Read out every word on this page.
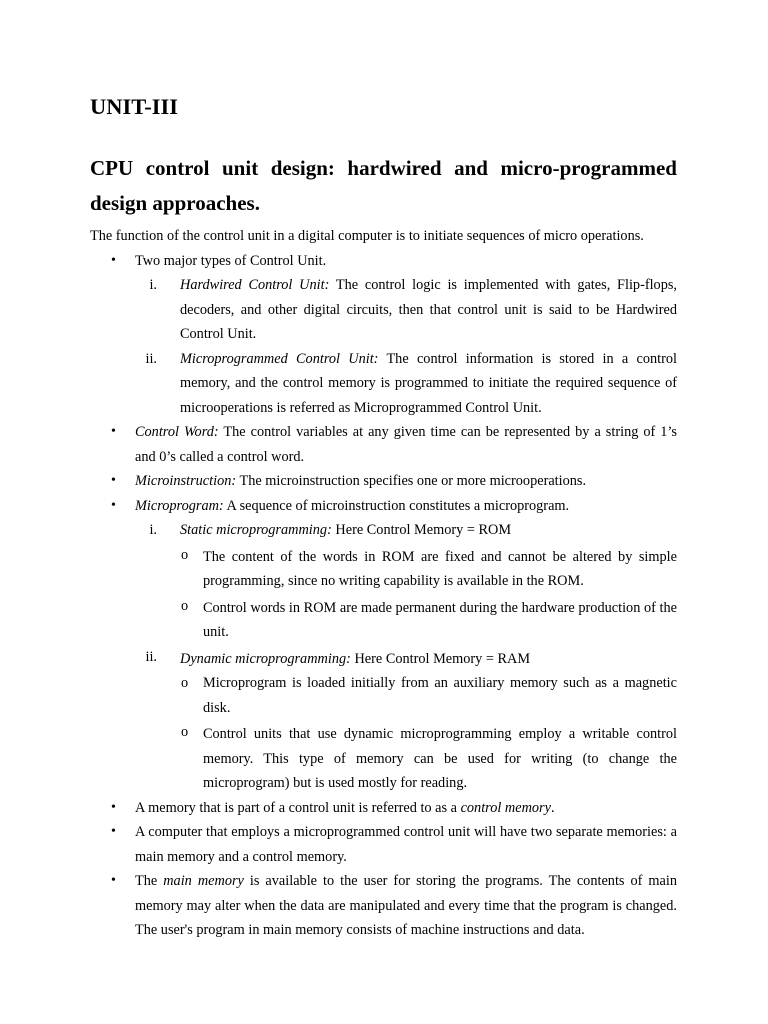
UNIT-III
CPU control unit design: hardwired and micro-programmed design approaches.

The function of the control unit in a digital computer is to initiate sequences of micro operations.

• Two major types of Control Unit.
i. Hardwired Control Unit: The control logic is implemented with gates, Flip-flops, decoders, and other digital circuits, then that control unit is said to be Hardwired Control Unit.
ii. Microprogrammed Control Unit: The control information is stored in a control memory, and the control memory is programmed to initiate the required sequence of microoperations is referred as Microprogrammed Control Unit.
• Control Word: The control variables at any given time can be represented by a string of 1’s and 0’s called a control word.
• Microinstruction: The microinstruction specifies one or more microoperations.
• Microprogram: A sequence of microinstruction constitutes a microprogram.
i. Static microprogramming: Here Control Memory = ROM
o The content of the words in ROM are fixed and cannot be altered by simple programming, since no writing capability is available in the ROM.
o Control words in ROM are made permanent during the hardware production of the unit.
ii. Dynamic microprogramming: Here Control Memory = RAM
o Microprogram is loaded initially from an auxiliary memory such as a magnetic disk.
o Control units that use dynamic microprogramming employ a writable control memory. This type of memory can be used for writing (to change the microprogram) but is used mostly for reading.
• A memory that is part of a control unit is referred to as a control memory.
• A computer that employs a microprogrammed control unit will have two separate memories: a main memory and a control memory.
• The main memory is available to the user for storing the programs. The contents of main memory may alter when the data are manipulated and every time that the program is changed. The user's program in main memory consists of machine instructions and data.
